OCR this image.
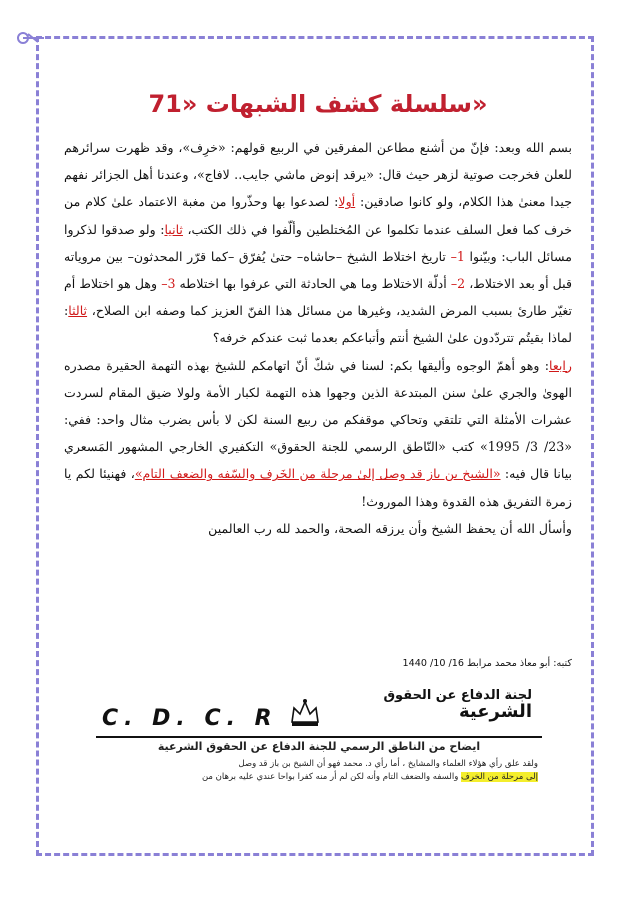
سلسلة كشف الشبهات «71»

بسم الله وبعد: فإنّ من أشنع مطاعن المفرقين في الربيع قولهم: «خرِف»، وقد ظهرت سرائرهم للعلن فخرجت صوتية لزهر حيث قال: «يرقد إنوض ماشي جايب.. لافاج»، وعندنا أهل الجزائر نفهم جيدا معنىٰ هذا الكلام، ولو كانوا صادقين: أولا: لصدعوا بها وحذّروا من مغبة الاعتماد علىٰ كلام من خرف كما فعل السلف عندما تكلموا عن المُختلطين وألّفوا في ذلك الكتب، ثانيا: ولو صدقوا لذكروا مسائل الباب: وبيّنوا 1– تاريخ اختلاط الشيخ –حاشاه– حتىٰ يُفرّق –كما قرّر المحدثون– بين مروياته قبل أو بعد الاختلاط، 2– أدلّة الاختلاط وما هي الحادثة التي عرفوا بها اختلاطه 3– وهل هو اختلاط أم تغيّر طارئ بسبب المرض الشديد، وغيرها من مسائل هذا الفنّ العزيز كما وصفه ابن الصلاح، ثالثا: لماذا بقيتُم تتردّدون علىٰ الشيخ أنتم وأتباعكم بعدما ثبت عندكم خرفه؟

رابعا: وهو أهمّ الوجوه وأليقها بكم: لسنا في شكّ أنّ اتهامكم للشيخ بهذه التهمة الحقيرة مصدره الهوىٰ والجري علىٰ سنن المبتدعة الذين وجهوا هذه التهمة لكبار الأمة ولولا ضيق المقام لسردت عشرات الأمثلة التي تلتقي وتحاكي موقفكم من ربيع السنة لكن لا بأس بضرب مثال واحد: ففي: «23/ 3/ 1995» كتب «النّاطق الرسمي للجنة الحقوق» التكفيري الخارجي المشهور المَسعري بيانا قال فيه: «الشيخ بن باز قد وصل إلىٰ مرحلة من الخَرف والسّفه والضعف التام»، فهنيئا لكم يا زمرة التفريق هذه القدوة وهذا الموروث!

وأسأل الله أن يحفظ الشيخ وأن يرزقه الصحة، والحمد لله رب العالمين

كتبه: أبو معاذ محمد مرابط 16/ 10/ 1440
C. D. C. R
لجنة الدفاع عن الحقوق
الشرعية
ايضاح من الناطق الرسمي للجنة الدفاع عن الحقوق الشرعية
ولقد علق رأي هؤلاء العلماء والمشايخ ، أما رأي د. محمد فهو أن الشيخ بن باز قد وصل
إلى مرحلة من الخرف والسفه والضعف التام وأنه لكن لم أر منه كفرا بواحا عندي عليه برهان من
